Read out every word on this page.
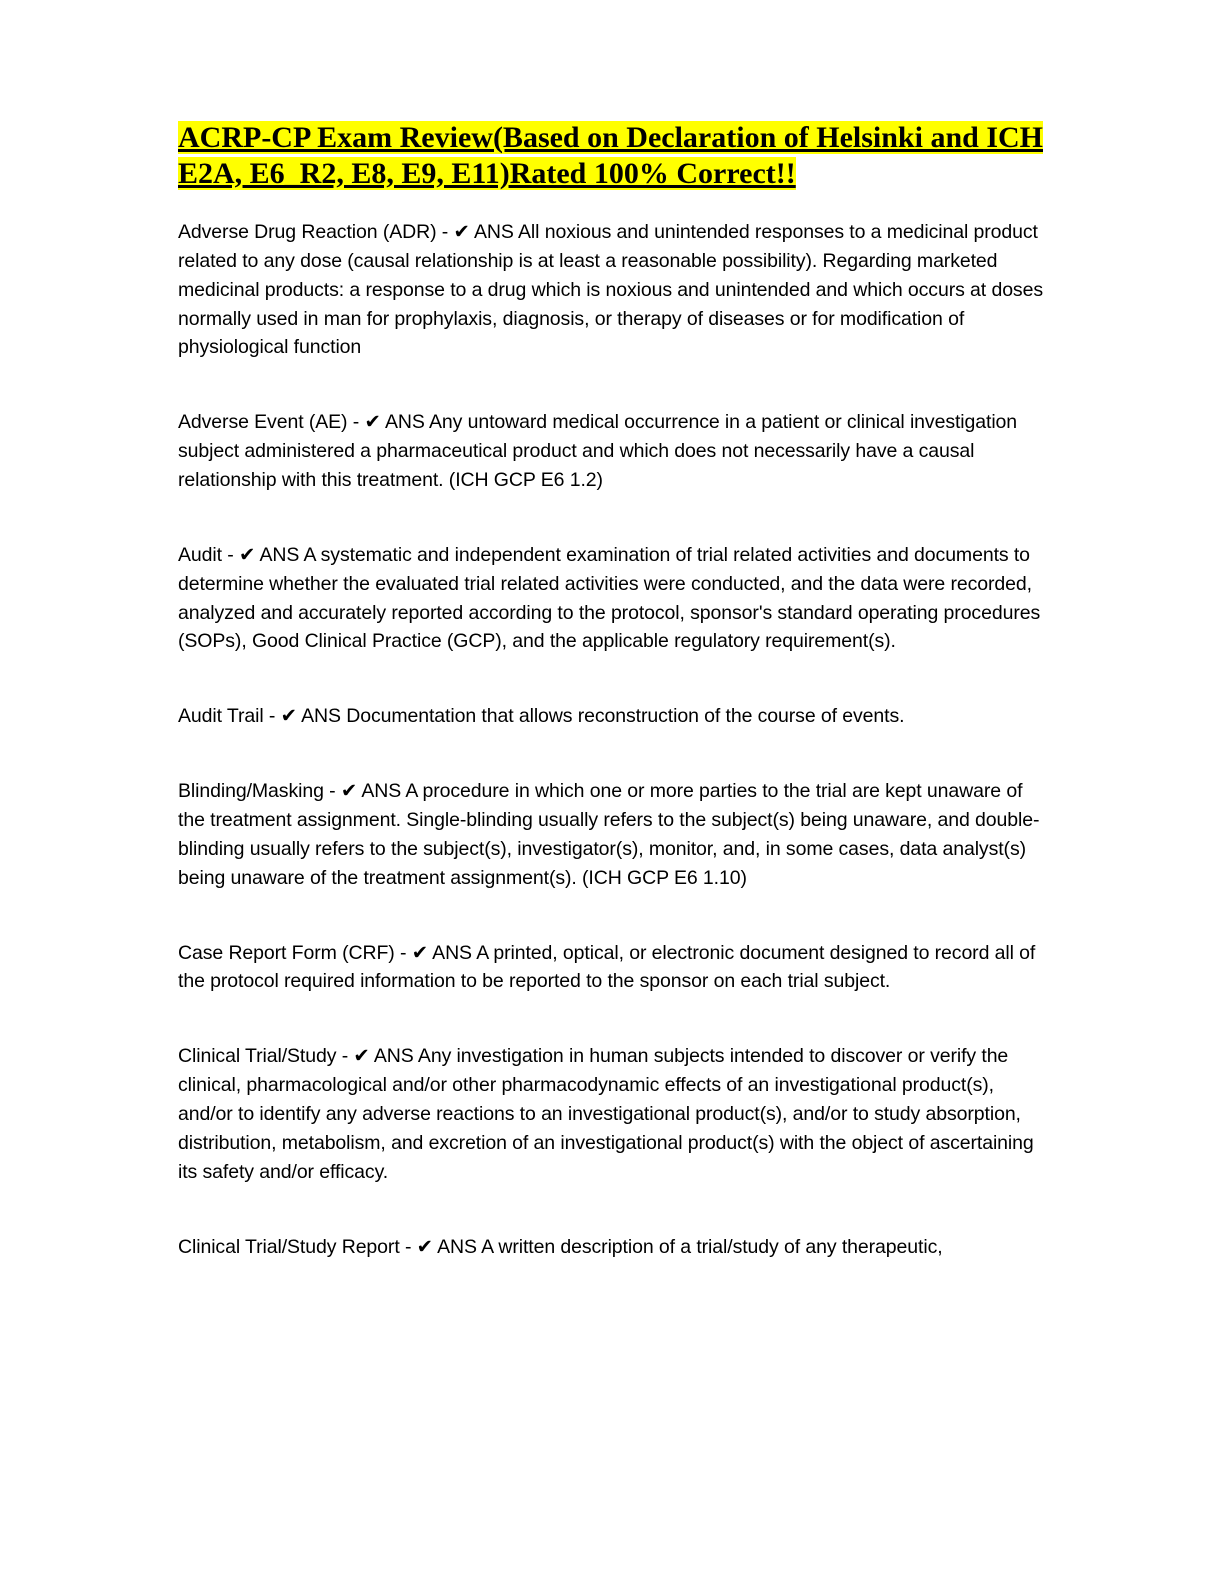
ACRP-CP Exam Review(Based on Declaration of Helsinki and ICH E2A, E6_R2, E8, E9, E11)Rated 100% Correct!!

Adverse Drug Reaction (ADR) - ✔ ANS All noxious and unintended responses to a medicinal product related to any dose (causal relationship is at least a reasonable possibility). Regarding marketed medicinal products: a response to a drug which is noxious and unintended and which occurs at doses normally used in man for prophylaxis, diagnosis, or therapy of diseases or for modification of physiological function

Adverse Event (AE) - ✔ ANS Any untoward medical occurrence in a patient or clinical investigation subject administered a pharmaceutical product and which does not necessarily have a causal relationship with this treatment. (ICH GCP E6 1.2)

Audit - ✔ ANS A systematic and independent examination of trial related activities and documents to determine whether the evaluated trial related activities were conducted, and the data were recorded, analyzed and accurately reported according to the protocol, sponsor's standard operating procedures (SOPs), Good Clinical Practice (GCP), and the applicable regulatory requirement(s).

Audit Trail - ✔ ANS Documentation that allows reconstruction of the course of events.

Blinding/Masking - ✔ ANS A procedure in which one or more parties to the trial are kept unaware of the treatment assignment. Single-blinding usually refers to the subject(s) being unaware, and double- blinding usually refers to the subject(s), investigator(s), monitor, and, in some cases, data analyst(s) being unaware of the treatment assignment(s). (ICH GCP E6 1.10)

Case Report Form (CRF) - ✔ ANS A printed, optical, or electronic document designed to record all of the protocol required information to be reported to the sponsor on each trial subject.

Clinical Trial/Study - ✔ ANS Any investigation in human subjects intended to discover or verify the clinical, pharmacological and/or other pharmacodynamic effects of an investigational product(s), and/or to identify any adverse reactions to an investigational product(s), and/or to study absorption, distribution, metabolism, and excretion of an investigational product(s) with the object of ascertaining its safety and/or efficacy.

Clinical Trial/Study Report - ✔ ANS A written description of a trial/study of any therapeutic,
